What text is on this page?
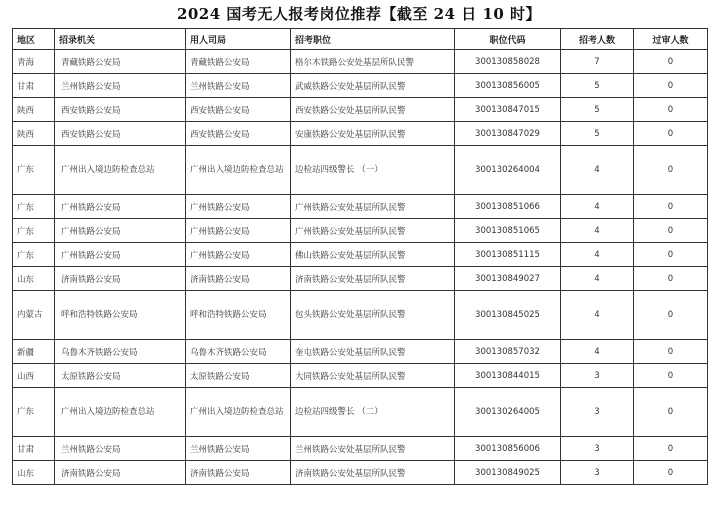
2024 国考无人报考岗位推荐【截至 24 日 10 时】
地区	招录机关	用人司局	招考职位	职位代码	招考人数	过审人数
青海	青藏铁路公安局	青藏铁路公安局	格尔木铁路公安处基层所队民警	300130858028	7	0
甘肃	兰州铁路公安局	兰州铁路公安局	武威铁路公安处基层所队民警	300130856005	5	0
陕西	西安铁路公安局	西安铁路公安局	西安铁路公安处基层所队民警	300130847015	5	0
陕西	西安铁路公安局	西安铁路公安局	安康铁路公安处基层所队民警	300130847029	5	0
广东	广州出入境边防检查总站	广州出入境边防检查总站	边检站四级警长 （一）	300130264004	4	0
广东	广州铁路公安局	广州铁路公安局	广州铁路公安处基层所队民警	300130851066	4	0
广东	广州铁路公安局	广州铁路公安局	广州铁路公安处基层所队民警	300130851065	4	0
广东	广州铁路公安局	广州铁路公安局	佛山铁路公安处基层所队民警	300130851115	4	0
山东	济南铁路公安局	济南铁路公安局	济南铁路公安处基层所队民警	300130849027	4	0
内蒙古	呼和浩特铁路公安局	呼和浩特铁路公安局	包头铁路公安处基层所队民警	300130845025	4	0
新疆	乌鲁木齐铁路公安局	乌鲁木齐铁路公安局	奎屯铁路公安处基层所队民警	300130857032	4	0
山西	太原铁路公安局	太原铁路公安局	大同铁路公安处基层所队民警	300130844015	3	0
广东	广州出入境边防检查总站	广州出入境边防检查总站	边检站四级警长 （二）	300130264005	3	0
甘肃	兰州铁路公安局	兰州铁路公安局	兰州铁路公安处基层所队民警	300130856006	3	0
山东	济南铁路公安局	济南铁路公安局	济南铁路公安处基层所队民警	300130849025	3	0
